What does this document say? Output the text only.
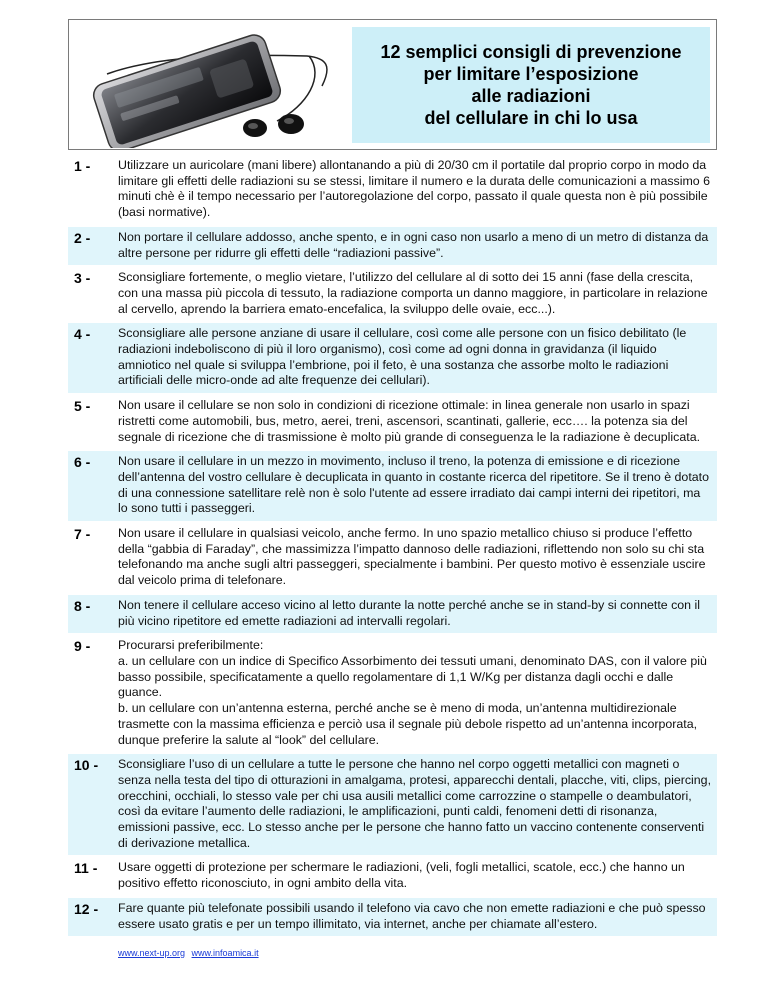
12 semplici consigli di prevenzione
per limitare l’esposizione
alle radiazioni
del cellulare in chi lo usa
1 -	Utilizzare un auricolare (mani libere) allontanando a più di 20/30 cm il portatile dal proprio corpo in modo da limitare gli effetti delle radiazioni su se stessi, limitare il numero e la durata delle comunicazioni a massimo 6 minuti chè è il tempo necessario per l’autoregolazione del corpo, passato il quale questa non è più possibile (basi normative).
2 -	Non portare il cellulare addosso, anche spento, e in ogni caso non usarlo a meno di un metro di distanza da altre persone per ridurre gli effetti delle “radiazioni passive”.
3 -	Sconsigliare fortemente, o meglio vietare, l’utilizzo del cellulare al di sotto dei 15 anni (fase della crescita, con una massa più piccola di tessuto, la radiazione comporta un danno maggiore, in particolare in relazione al cervello, aprendo la barriera emato-encefalica, la sviluppo delle ovaie, ecc...).
4 -	Sconsigliare alle persone anziane di usare il cellulare, così come alle persone con un fisico debilitato (le radiazioni indeboliscono di più il loro organismo), così come ad ogni donna in gravidanza (il liquido amniotico nel quale si sviluppa l’embrione, poi il feto, è una sostanza che assorbe molto le radiazioni artificiali delle micro-onde ad alte frequenze dei cellulari).
5 -	Non usare il cellulare se non solo in condizioni di ricezione ottimale: in linea generale non usarlo in spazi ristretti come automobili, bus, metro, aerei, treni, ascensori, scantinati, gallerie, ecc…. la potenza sia del segnale di ricezione che di trasmissione è molto più grande di conseguenza le la radiazione è decuplicata.
6 -	Non usare il cellulare in un mezzo in movimento, incluso il treno, la potenza di emissione e di ricezione dell’antenna del vostro cellulare è decuplicata in quanto in costante ricerca del ripetitore. Se il treno è dotato di una connessione satellitare relè non è solo l'utente ad essere irradiato dai campi interni dei ripetitori, ma lo sono tutti i passeggeri.
7 -	Non usare il cellulare in qualsiasi veicolo, anche fermo. In uno spazio metallico chiuso si produce l’effetto della “gabbia di Faraday”, che massimizza l’impatto dannoso delle radiazioni, riflettendo non solo su chi sta telefonando ma anche sugli altri passeggeri, specialmente i bambini. Per questo motivo è essenziale uscire dal veicolo prima di telefonare.
8 -	Non tenere il cellulare acceso vicino al letto durante la notte perché anche se in stand-by si connette con il più vicino ripetitore ed emette radiazioni ad intervalli regolari.
9 -	Procurarsi preferibilmente:
a. un cellulare con un indice di Specifico Assorbimento dei tessuti umani, denominato DAS, con il valore più basso possibile, specificatamente a quello regolamentare di 1,1 W/Kg per distanza dagli occhi e dalle guance.
b. un cellulare con un’antenna esterna, perché anche se è meno di moda, un’antenna multidirezionale trasmette con la massima efficienza e perciò usa il segnale più debole rispetto ad un’antenna incorporata, dunque preferire la salute al “look” del cellulare.
10 -	Sconsigliare l’uso di un cellulare a tutte le persone che hanno nel corpo oggetti metallici con magneti o senza nella testa del tipo di otturazioni in amalgama, protesi, apparecchi dentali, placche, viti, clips, piercing, orecchini, occhiali, lo stesso vale per chi usa ausili metallici come carrozzine o stampelle o deambulatori, così da evitare l’aumento delle radiazioni, le amplificazioni, punti caldi, fenomeni detti di risonanza, emissioni passive, ecc. Lo stesso anche per le persone che hanno fatto un vaccino contenente conserventi di derivazione metallica.
11 -	Usare oggetti di protezione per schermare le radiazioni, (veli, fogli metallici, scatole, ecc.) che hanno un positivo effetto riconosciuto, in ogni ambito della vita.
12 -	Fare quante più telefonate possibili usando il telefono via cavo che non emette radiazioni e che può spesso essere usato gratis e per un tempo illimitato, via internet, anche per chiamate all’estero.
www.next-up.org www.infoamica.it
